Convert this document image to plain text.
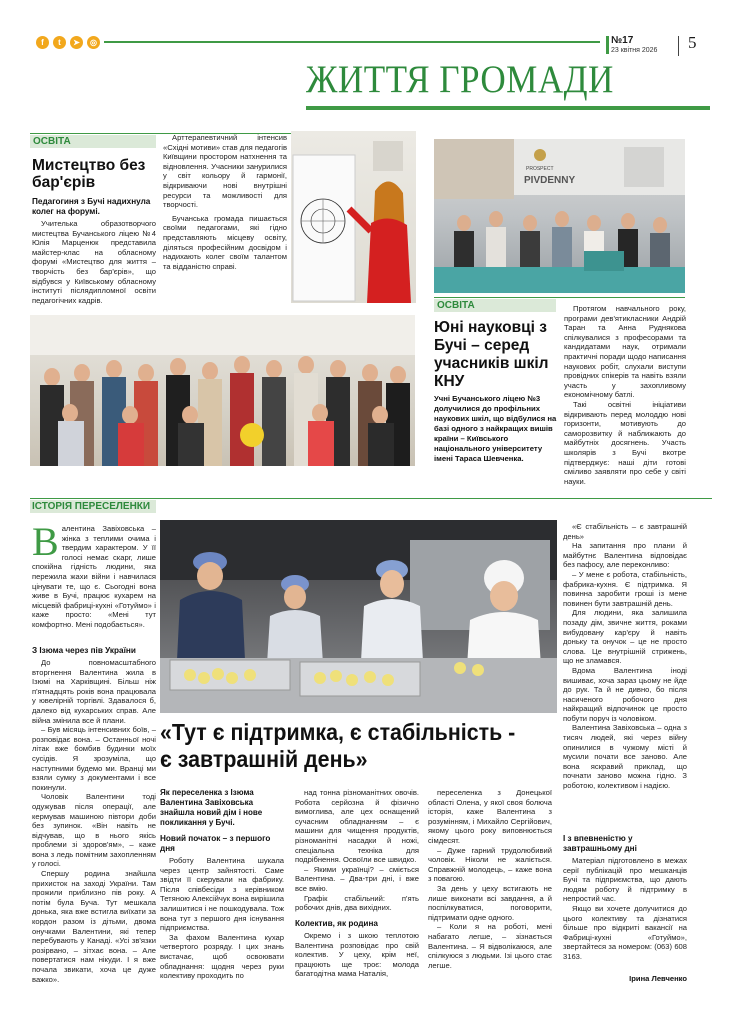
f	t	➤	◎	№17
23 квітня 2026 5
ЖИТТЯ ГРОМАДИ
ОСВІТА
Мистецтво без бар'єрів
Педагогиня з Бучі надихнула колег на форумі.

Учителька образотворчого мистецтва Бучанського ліцею №4 Юлія Марценюк представила майстер-клас на обласному форумі «Мистецтво для життя – творчість без бар'єрів», що відбувся у Київському обласному інституті післядипломної освіти педагогічних кадрів.

Арттерапевтичний інтенсив «Східні мотиви» став для педагогів Київщини простором натхнення та відновлення. Учасники занурилися у світ кольору й гармонії, відкриваючи нові внутрішні ресурси та можливості для творчості.

Бучанська громада пишається своїми педагогами, які гідно представляють місцеву освіту, діляться професійним досвідом і надихають колег своїм талантом та відданістю справі.

PROSPECT
PIVDENNY
ОСВІТА
Юні науковці з Бучі – серед учасників шкіл КНУ
Учні Бучанського ліцею №3 долучилися до профільних наукових шкіл, що відбулися на базі одного з найкращих вишів країни – Київського національного університету імені Тараса Шевченка.

Протягом навчального року, програми дев'ятикласники Андрій Таран та Анна Руднякова спілкувалися з професорами та кандидатами наук, отримали практичні поради щодо написання наукових робіт, слухали виступи провідних спікерів та навіть взяли участь у захопливому економічному батлі.

Такі освітні ініціативи відкривають перед молоддю нові горизонти, мотивують до саморозвитку й наближають до майбутніх досягнень. Участь школярів з Бучі вкотре підтверджує: наші діти готові сміливо заявляти про себе у світі науки.

ІСТОРІЯ ПЕРЕСЕЛЕНКИ
Валентина Завіховська – жінка з теплими очима і твердим характером. У її голосі немає скарг, лише спокійна гідність людини, яка пережила жахи війни і навчилася цінувати те, що є. Сьогодні вона живе в Бучі, працює кухарем на місцевій фабриці-кухні «Готуймо» і каже просто: «Мені тут комфортно. Мені подобається».
З Ізюма через пів України

До повномасштабного вторгнення Валентина жила в Ізюмі на Харківщині. Більш ніж п'ятнадцять років вона працювала у ювелірній торгівлі. Здавалося б, далеко від кухарських справ. Але війна змінила все й плани.

– Був місяць інтенсивних боїв, – розповідає вона. – Останньої ночі літак вже бомбив будинки моїх сусідів. Я зрозуміла, що наступними будемо ми. Вранці ми взяли сумку з документами і все покинули.

Чоловік Валентини тоді одужував після операції, але кермував машиною півтори доби без зупинок. «Він навіть не відчував, що в нього якісь проблеми зі здоров'ям», – каже вона з ледь помітним захопленням у голосі.

Спершу родина знайшла прихисток на заході України. Там прожили приблизно пів року. А потім була Буча. Тут мешкала донька, яка вже встигла виїхати за кордон разом із дітьми, двома онучками Валентини, які тепер перебувають у Канаді. «Усі зв'язки розірвано, – зітхає вона. – Але повертатися нам нікуди. І я вже почала звикати, хоча це дуже важко».

«Тут є підтримка, є стабільність - є завтрашній день»
Як переселенка з Ізюма Валентина Завіховська знайшла новий дім і нове покликання у Бучі.
Новий початок – з першого дня

Роботу Валентина шукала через центр зайнятості. Саме звідти її скерували на фабрику. Після співбесіди з керівником Тетяною Алексійчук вона вирішила залишитися і не пошкодувала. Тож вона тут з першого дня існування підприємства.

За фахом Валентина кухар четвертого розряду. І цих знань вистачає, щоб освоювати обладнання: щодня через руки колективу проходить по

над тонна різноманітних овочів. Робота серйозна й фізично вимоглива, але цех оснащений сучасним обладнанням – є машини для чищення продуктів, різноманітні насадки й ножі, спеціальна техніка для подрібнення. Освоїли все швидко.

– Якими українці? – сміється Валентина. – Два-три дні, і вже все вмію.

Графік стабільний: п'ять робочих днів, два вихідних.

Колектив, як родина

Окремо і з шкою теплотою Валентина розповідає про свій колектив. У цеху, крім неї, працюють ще троє: молода багатодітна мама Наталія,

переселенка з Донецької області Олена, у якої своя болюча історія, каже Валентина з розумінням, і Михайло Сергійович, якому цього року виповнюється сімдесят.

– Дуже гарний трудолюбивий чоловік. Ніколи не жаліється. Справжній молодець, – каже вона з повагою.

За день у цеху встигають не лише виконати всі завдання, а й поспілкуватися, поговорити, підтримати одне одного.

– Коли я на роботі, мені набагато легше, – зізнається Валентина. – Я відволікаюся, але спілкуюся з людьми. Ізі цього стає легше.

«Є стабільність – є завтрашній день»

На запитання про плани й майбутнє Валентина відповідає без пафосу, але переконливо:

– У мене є робота, стабільність, фабрика-кухня. Є підтримка. Я повинна заробити гроші із мене повинен бути завтрашній день.

Для людини, яка залишила позаду дім, звичне життя, роками вибудовану кар'єру й навіть доньку та онучок – це не просто слова. Це внутрішній стрижень, що не зламався.

Вдома Валентина іноді вишиває, хоча зараз цьому не йде до рук. Та й не дивно, бо після насиченого робочого дня найкращий відпочинок це просто побути поруч із чоловіком.

Валентина Завіховська – одна з тисяч людей, які через війну опинилися в чужому місті й мусили почати все заново. Але вона яскравий приклад, що почнати заново можна гідно. З роботою, колективом і надією.

І з впевненістю у завтрашньому дні

Матеріал підготовлено в межах серії публікацій про мешканців Бучі та підприємства, що дають людям роботу й підтримку в непростий час.

Якщо ви хочете долучитися до цього колективу та дізнатися більше про відкриті вакансії на Фабриці-кухні «Готуймо», звертайтеся за номером: (063) 608 3163.

Ірина Левченко
